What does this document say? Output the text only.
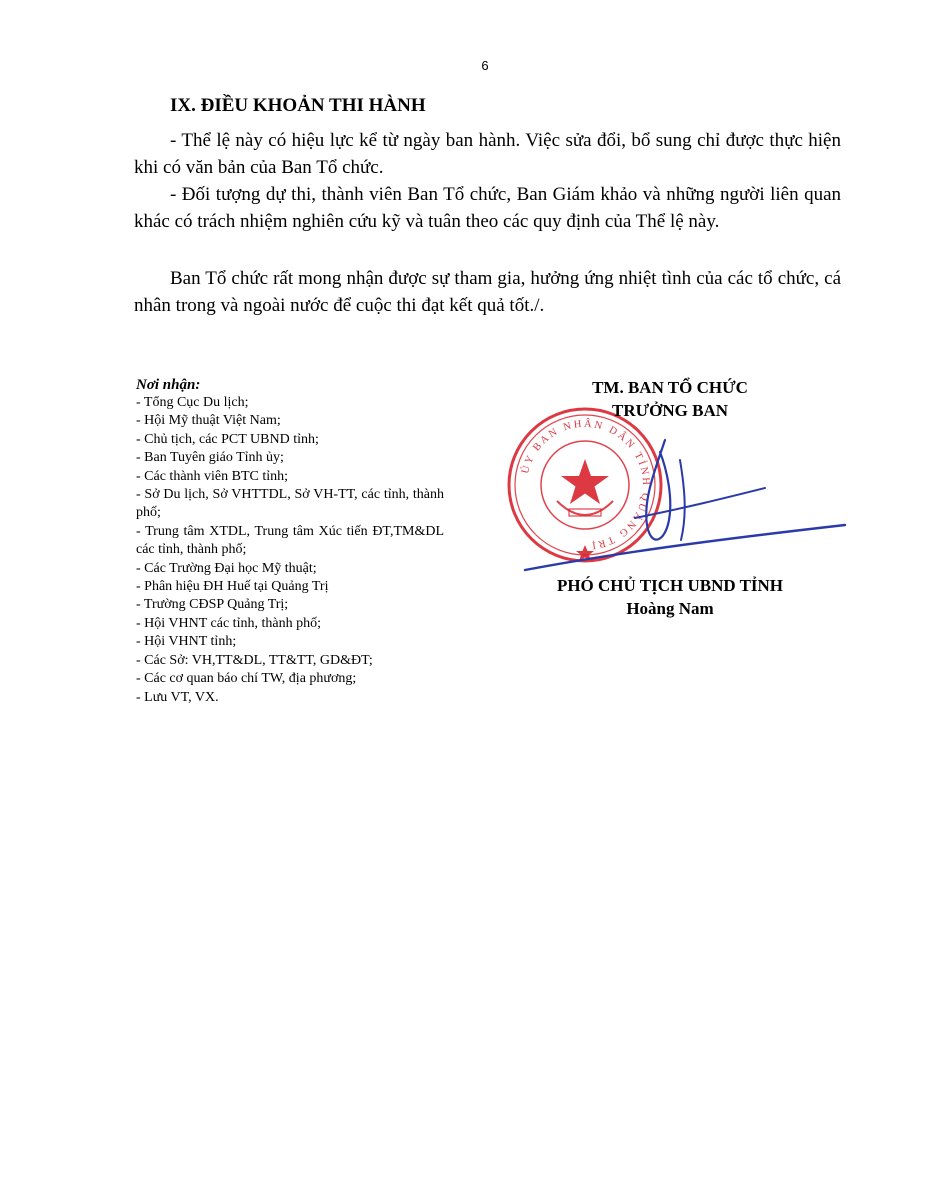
6
IX. ĐIỀU KHOẢN THI HÀNH

- Thể lệ này có hiệu lực kể từ ngày ban hành. Việc sửa đổi, bổ sung chỉ được thực hiện khi có văn bản của Ban Tổ chức.

- Đối tượng dự thi, thành viên Ban Tổ chức, Ban Giám khảo và những người liên quan khác có trách nhiệm nghiên cứu kỹ và tuân theo các quy định của Thể lệ này.

Ban Tổ chức rất mong nhận được sự tham gia, hưởng ứng nhiệt tình của các tổ chức, cá nhân trong và ngoài nước để cuộc thi đạt kết quả tốt./.

Nơi nhận:
- Tổng Cục Du lịch;
- Hội Mỹ thuật Việt Nam;
- Chủ tịch, các PCT UBND tỉnh;
- Ban Tuyên giáo Tỉnh ủy;
- Các thành viên BTC tỉnh;
- Sở Du lịch, Sở VHTTDL, Sở VH-TT, các tỉnh, thành phố;
- Trung tâm XTDL, Trung tâm Xúc tiến ĐT,TM&DL các tỉnh, thành phố;
- Các Trường Đại học Mỹ thuật;
- Phân hiệu ĐH Huế tại Quảng Trị
- Trường CĐSP Quảng Trị;
- Hội VHNT các tỉnh, thành phố;
- Hội VHNT tỉnh;
- Các Sở: VH,TT&DL, TT&TT, GD&ĐT;
- Các cơ quan báo chí TW, địa phương;
- Lưu VT, VX.
ỦY BAN NHÂN DÂN TỈNH QUẢNG TRỊ
TM. BAN TỔ CHỨC
TRƯỞNG BAN
PHÓ CHỦ TỊCH UBND TỈNH
Hoàng Nam
